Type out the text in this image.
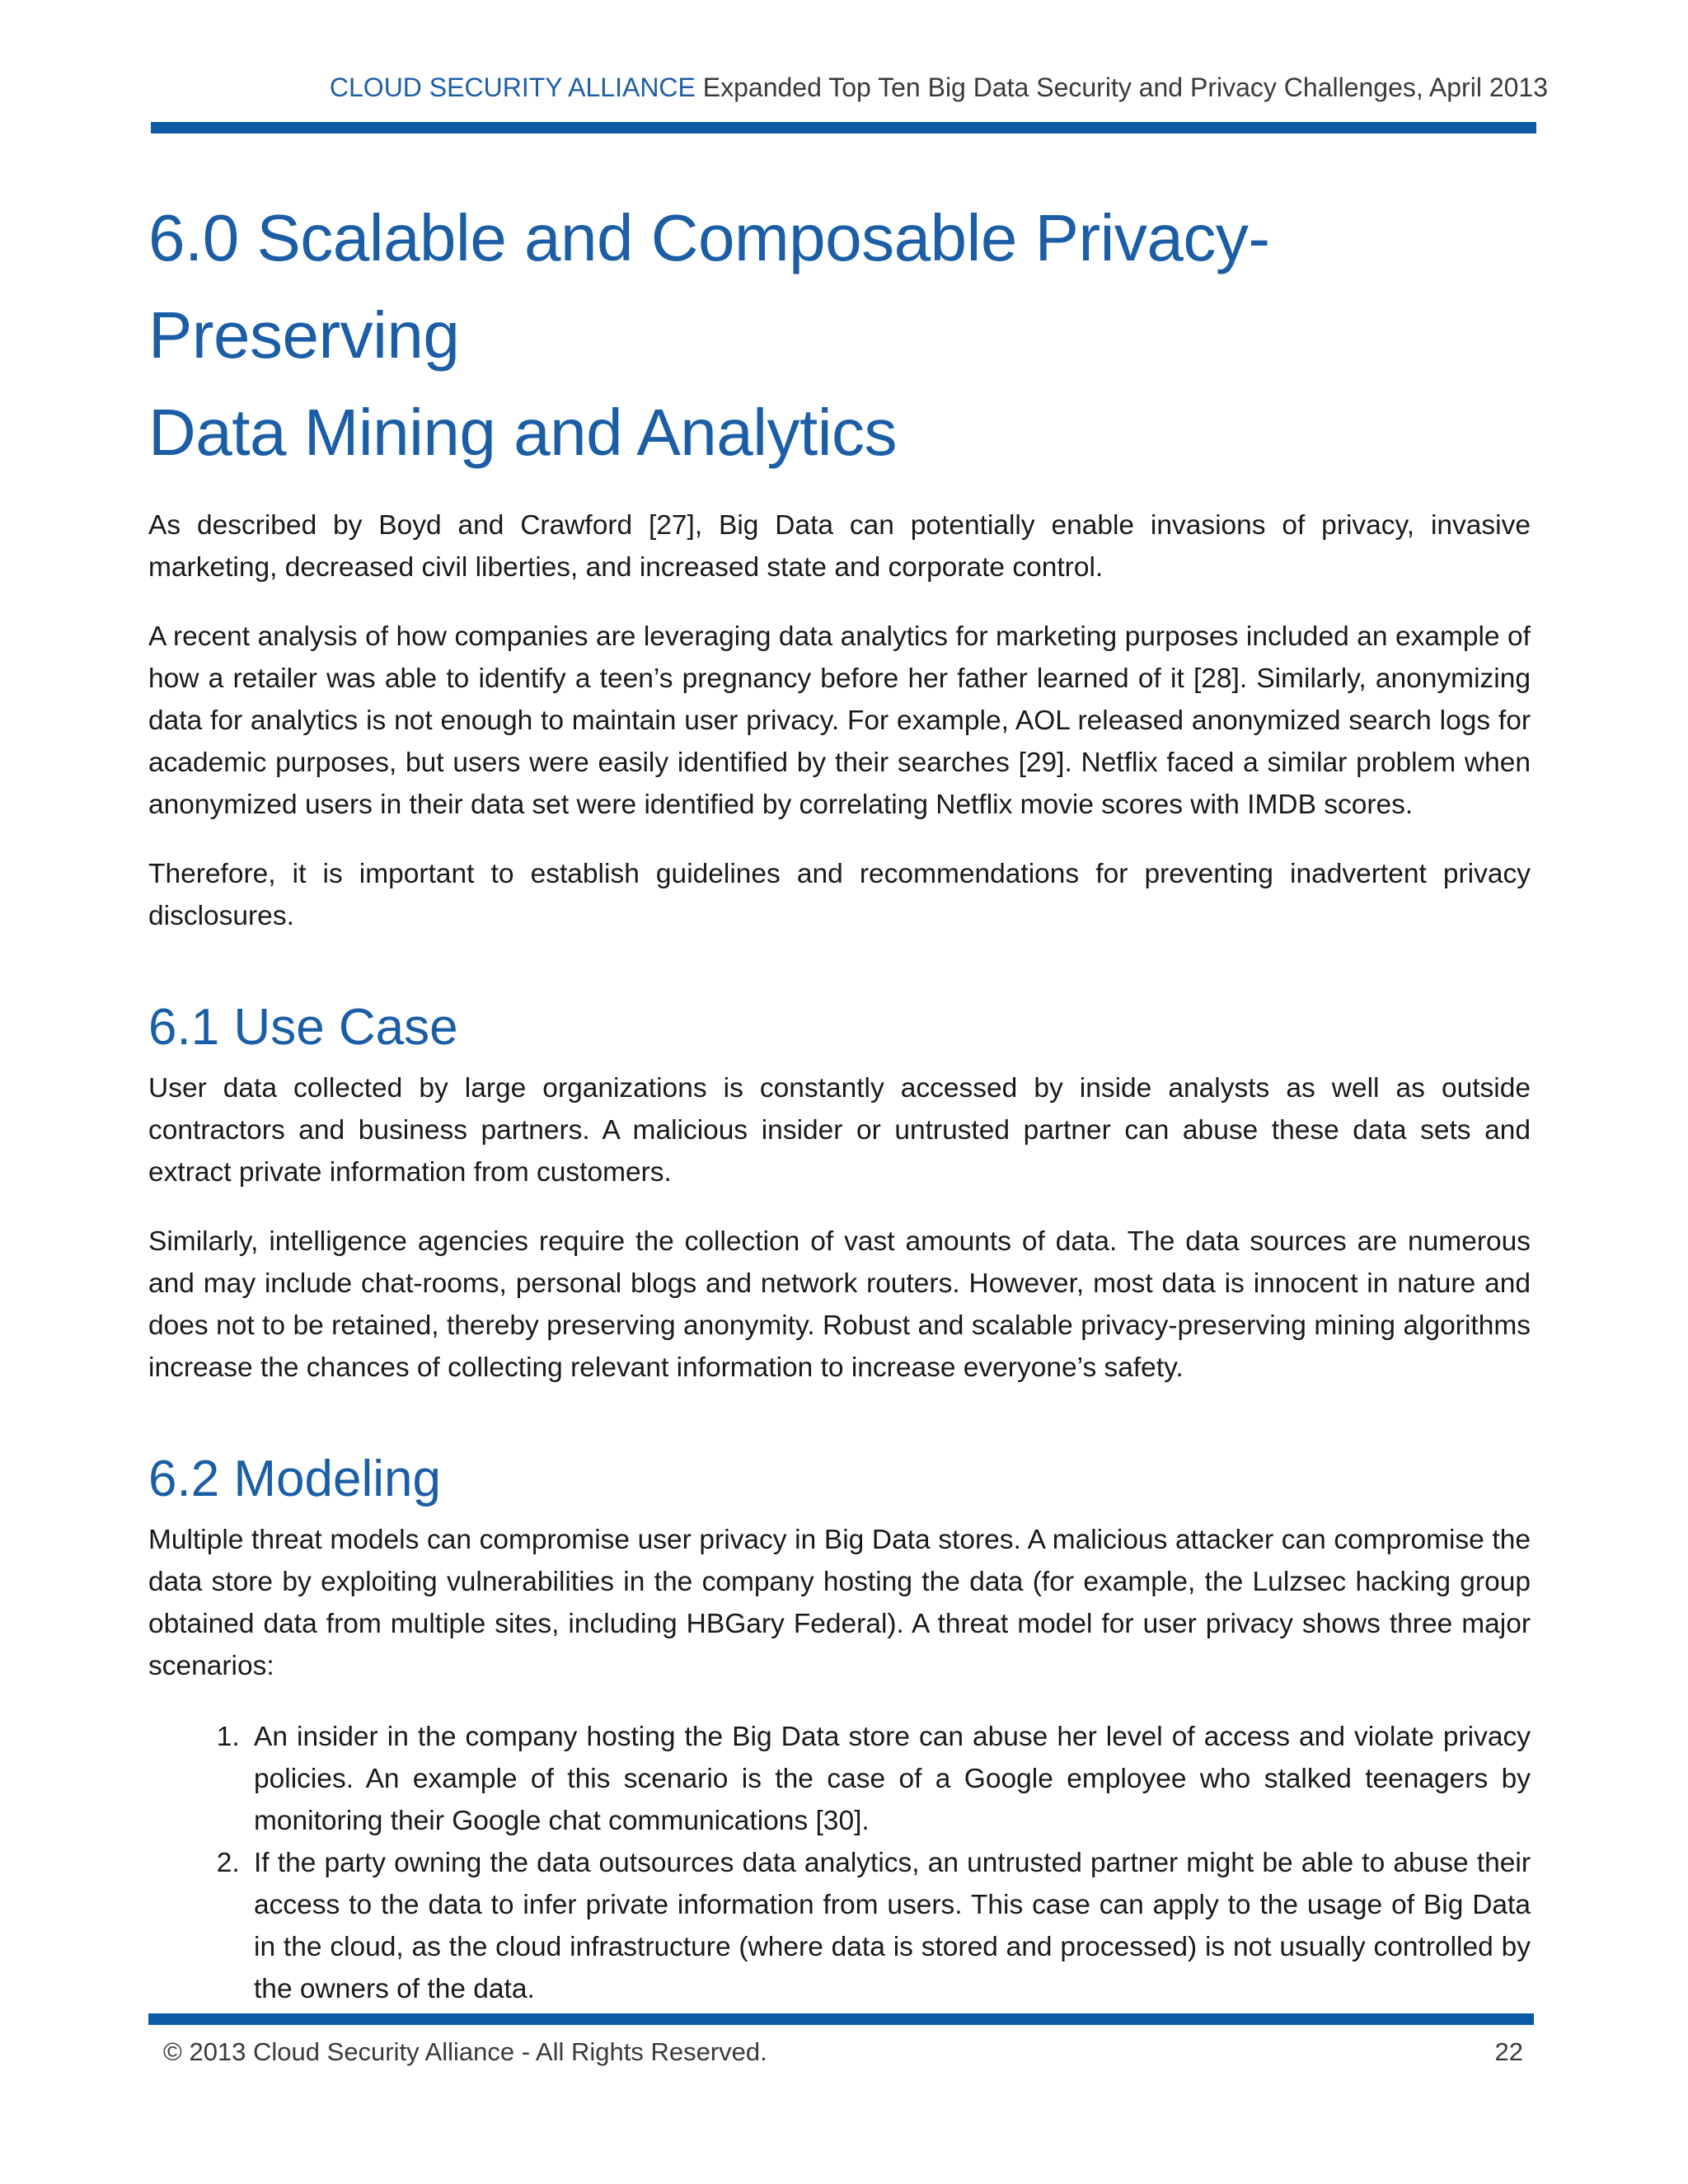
CLOUD SECURITY ALLIANCE Expanded Top Ten Big Data Security and Privacy Challenges, April 2013
6.0 Scalable and Composable Privacy-Preserving
Data Mining and Analytics

As described by Boyd and Crawford [27], Big Data can potentially enable invasions of privacy, invasive marketing, decreased civil liberties, and increased state and corporate control.

A recent analysis of how companies are leveraging data analytics for marketing purposes included an example of how a retailer was able to identify a teen’s pregnancy before her father learned of it [28]. Similarly, anonymizing data for analytics is not enough to maintain user privacy. For example, AOL released anonymized search logs for academic purposes, but users were easily identified by their searches [29]. Netflix faced a similar problem when anonymized users in their data set were identified by correlating Netflix movie scores with IMDB scores.

Therefore, it is important to establish guidelines and recommendations for preventing inadvertent privacy disclosures.

6.1 Use Case

User data collected by large organizations is constantly accessed by inside analysts as well as outside contractors and business partners. A malicious insider or untrusted partner can abuse these data sets and extract private information from customers.

Similarly, intelligence agencies require the collection of vast amounts of data. The data sources are numerous and may include chat-rooms, personal blogs and network routers. However, most data is innocent in nature and does not to be retained, thereby preserving anonymity. Robust and scalable privacy-preserving mining algorithms increase the chances of collecting relevant information to increase everyone’s safety.

6.2 Modeling

Multiple threat models can compromise user privacy in Big Data stores. A malicious attacker can compromise the data store by exploiting vulnerabilities in the company hosting the data (for example, the Lulzsec hacking group obtained data from multiple sites, including HBGary Federal). A threat model for user privacy shows three major scenarios:

1. An insider in the company hosting the Big Data store can abuse her level of access and violate privacy policies. An example of this scenario is the case of a Google employee who stalked teenagers by monitoring their Google chat communications [30].
2. If the party owning the data outsources data analytics, an untrusted partner might be able to abuse their access to the data to infer private information from users. This case can apply to the usage of Big Data in the cloud, as the cloud infrastructure (where data is stored and processed) is not usually controlled by the owners of the data.
© 2013 Cloud Security Alliance - All Rights Reserved.	22
